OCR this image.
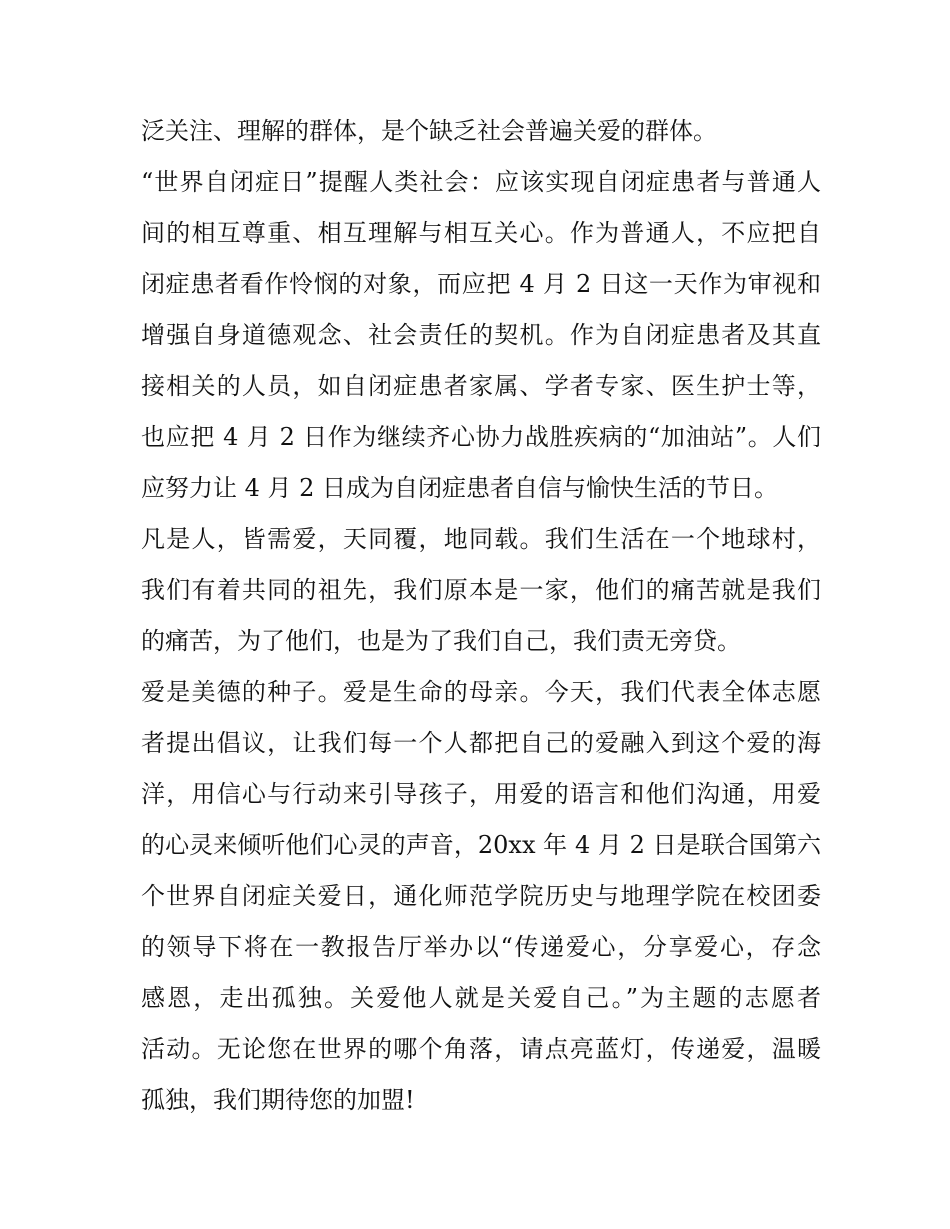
泛关注、理解的群体，是个缺乏社会普遍关爱的群体。
“世界自闭症日”提醒人类社会：应该实现自闭症患者与普通人
间的相互尊重、相互理解与相互关心。作为普通人，不应把自
闭症患者看作怜悯的对象，而应把 4 月 2 日这一天作为审视和
增强自身道德观念、社会责任的契机。作为自闭症患者及其直
接相关的人员，如自闭症患者家属、学者专家、医生护士等，
也应把 4 月 2 日作为继续齐心协力战胜疾病的“加油站”。人们
应努力让 4 月 2 日成为自闭症患者自信与愉快生活的节日。
凡是人，皆需爱，天同覆，地同载。我们生活在一个地球村，
我们有着共同的祖先，我们原本是一家，他们的痛苦就是我们
的痛苦，为了他们，也是为了我们自己，我们责无旁贷。
爱是美德的种子。爱是生命的母亲。今天，我们代表全体志愿
者提出倡议，让我们每一个人都把自己的爱融入到这个爱的海
洋，用信心与行动来引导孩子，用爱的语言和他们沟通，用爱
的心灵来倾听他们心灵的声音，20xx 年 4 月 2 日是联合国第六
个世界自闭症关爱日，通化师范学院历史与地理学院在校团委
的领导下将在一教报告厅举办以“传递爱心，分享爱心，存念
感恩，走出孤独。关爱他人就是关爱自己。”为主题的志愿者
活动。无论您在世界的哪个角落，请点亮蓝灯，传递爱，温暖
孤独，我们期待您的加盟!
